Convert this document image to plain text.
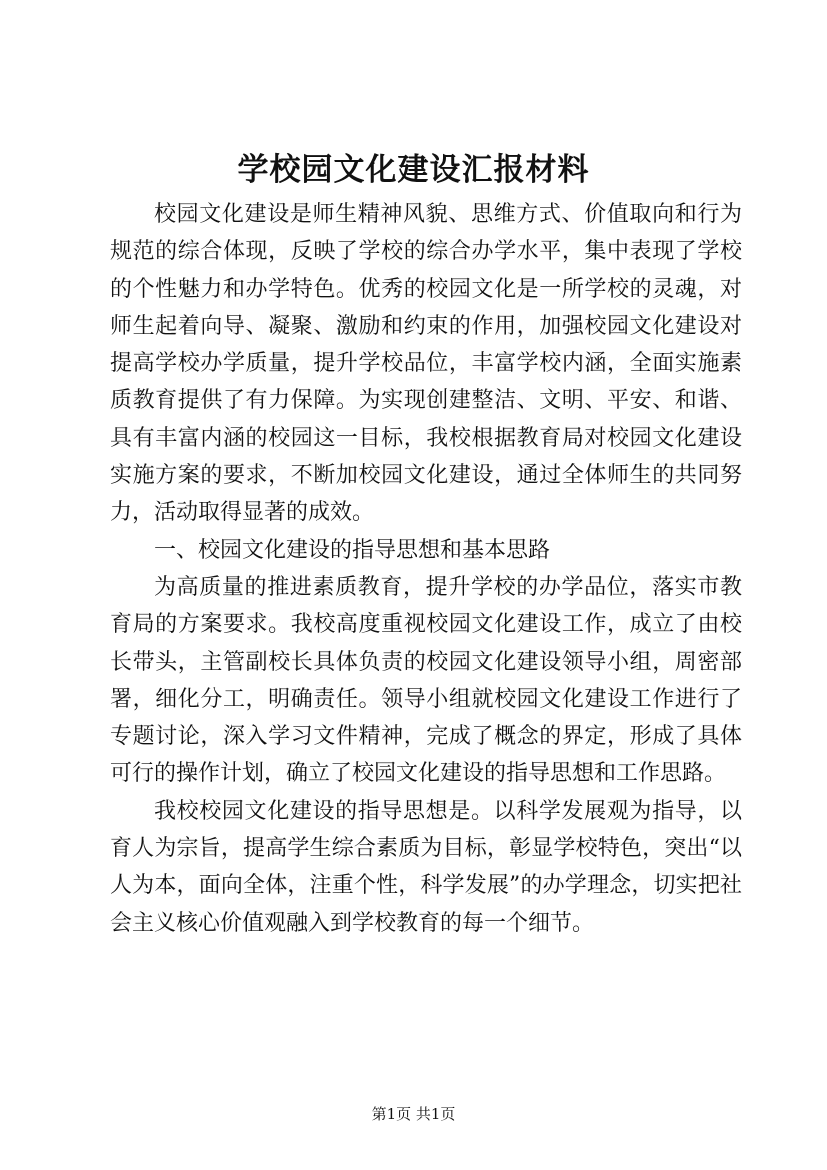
学校园文化建设汇报材料

校园文化建设是师生精神风貌、思维方式、价值取向和行为规范的综合体现，反映了学校的综合办学水平，集中表现了学校的个性魅力和办学特色。优秀的校园文化是一所学校的灵魂，对师生起着向导、凝聚、激励和约束的作用，加强校园文化建设对提高学校办学质量，提升学校品位，丰富学校内涵，全面实施素质教育提供了有力保障。为实现创建整洁、文明、平安、和谐、具有丰富内涵的校园这一目标，我校根据教育局对校园文化建设实施方案的要求，不断加校园文化建设，通过全体师生的共同努力，活动取得显著的成效。

一、校园文化建设的指导思想和基本思路

为高质量的推进素质教育，提升学校的办学品位，落实市教育局的方案要求。我校高度重视校园文化建设工作，成立了由校长带头，主管副校长具体负责的校园文化建设领导小组，周密部署，细化分工，明确责任。领导小组就校园文化建设工作进行了专题讨论，深入学习文件精神，完成了概念的界定，形成了具体可行的操作计划，确立了校园文化建设的指导思想和工作思路。

我校校园文化建设的指导思想是。以科学发展观为指导，以育人为宗旨，提高学生综合素质为目标，彰显学校特色，突出“以人为本，面向全体，注重个性，科学发展”的办学理念，切实把社会主义核心价值观融入到学校教育的每一个细节。

第1页 共1页
